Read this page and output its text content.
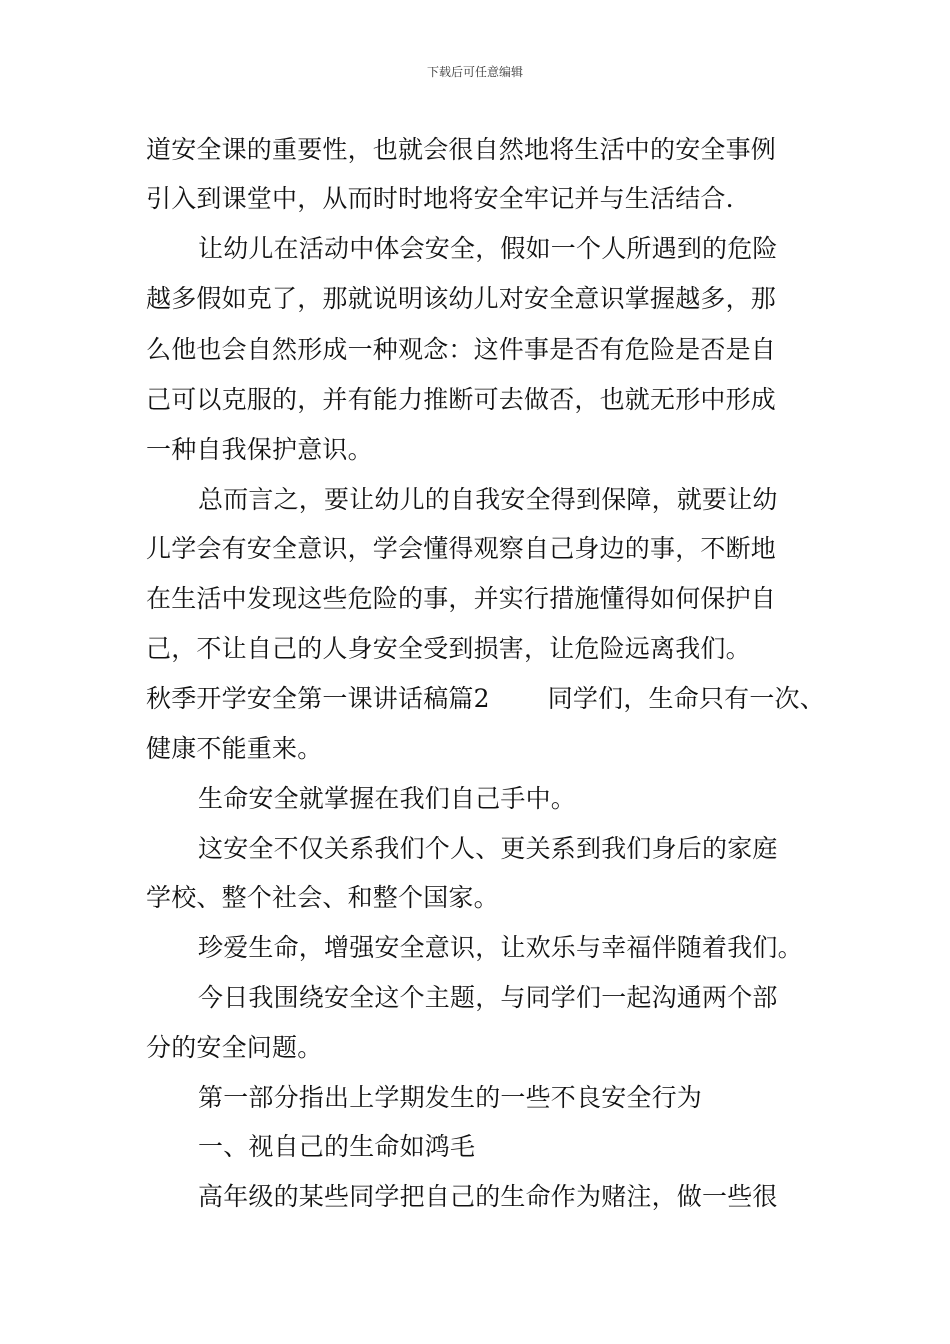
下载后可任意编辑
道安全课的重要性，也就会很自然地将生活中的安全事例
引入到课堂中，从而时时地将安全牢记并与生活结合.
让幼儿在活动中体会安全，假如一个人所遇到的危险
越多假如克了，那就说明该幼儿对安全意识掌握越多，那
么他也会自然形成一种观念：这件事是否有危险是否是自
己可以克服的，并有能力推断可去做否，也就无形中形成
一种自我保护意识。
总而言之，要让幼儿的自我安全得到保障，就要让幼
儿学会有安全意识，学会懂得观察自己身边的事，不断地
在生活中发现这些危险的事，并实行措施懂得如何保护自
己，不让自己的人身安全受到损害，让危险远离我们。
秋季开学安全第一课讲话稿篇2 同学们，生命只有一次、
健康不能重来。
生命安全就掌握在我们自己手中。
这安全不仅关系我们个人、更关系到我们身后的家庭
学校、整个社会、和整个国家。
珍爱生命，增强安全意识，让欢乐与幸福伴随着我们。
今日我围绕安全这个主题，与同学们一起沟通两个部
分的安全问题。
第一部分指出上学期发生的一些不良安全行为
一、视自己的生命如鸿毛
高年级的某些同学把自己的生命作为赌注，做一些很
